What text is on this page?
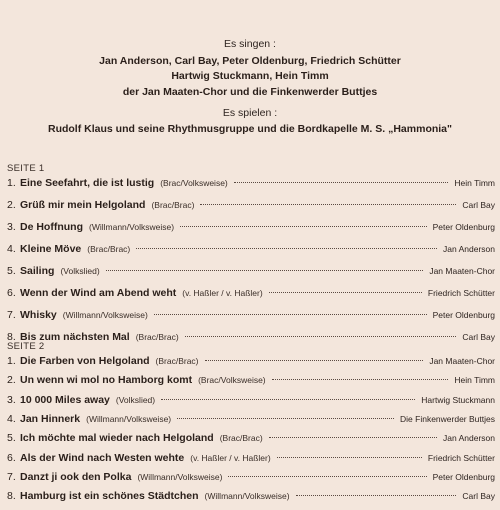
Es singen :
Jan Anderson, Carl Bay, Peter Oldenburg, Friedrich Schütter
Hartwig Stuckmann, Hein Timm
der Jan Maaten-Chor und die Finkenwerder Buttjes
Es spielen :
Rudolf Klaus und seine Rhythmusgruppe und die Bordkapelle M. S. „Hammonia"
SEITE 1
1. Eine Seefahrt, die ist lustig (Brac/Volksweise)	Hein Timm
2. Grüß mir mein Helgoland (Brac/Brac)	Carl Bay
3. De Hoffnung (Willmann/Volksweise)	Peter Oldenburg
4. Kleine Möve (Brac/Brac)	Jan Anderson
5. Sailing (Volkslied)	Jan Maaten-Chor
6. Wenn der Wind am Abend weht (v. Haßler / v. Haßler)	Friedrich Schütter
7. Whisky (Willmann/Volksweise)	Peter Oldenburg
8. Bis zum nächsten Mal (Brac/Brac)	Carl Bay
SEITE 2
1. Die Farben von Helgoland (Brac/Brac)	Jan Maaten-Chor
2. Un wenn wi mol no Hamborg komt (Brac/Volksweise)	Hein Timm
3. 10 000 Miles away (Volkslied)	Hartwig Stuckmann
4. Jan Hinnerk (Willmann/Volksweise)	Die Finkenwerder Buttjes
5. Ich möchte mal wieder nach Helgoland (Brac/Brac)	Jan Anderson
6. Als der Wind nach Westen wehte (v. Haßler / v. Haßler)	Friedrich Schütter
7. Danzt ji ook den Polka (Willmann/Volksweise)	Peter Oldenburg
8. Hamburg ist ein schönes Städtchen (Willmann/Volksweise)	Carl Bay
